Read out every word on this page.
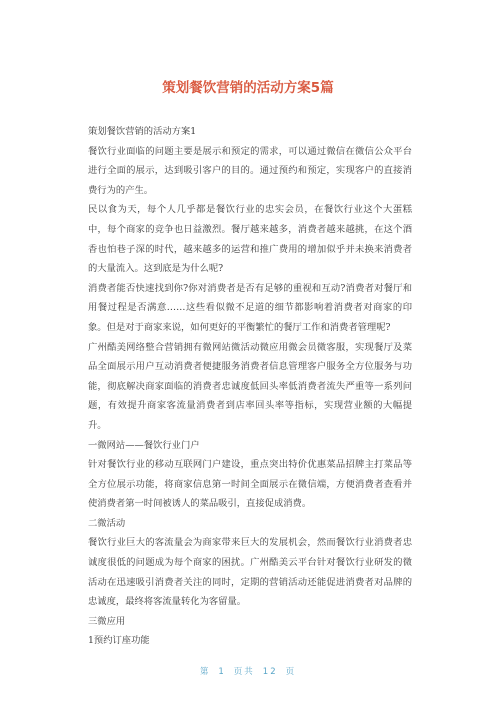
策划餐饮营销的活动方案5篇

策划餐饮营销的活动方案1

餐饮行业面临的问题主要是展示和预定的需求，可以通过微信在微信公众平台进行全面的展示，达到吸引客户的目的。通过预约和预定，实现客户的直接消费行为的产生。

民以食为天，每个人几乎都是餐饮行业的忠实会员，在餐饮行业这个大蛋糕中，每个商家的竞争也日益激烈。餐厅越来越多，消费者越来越挑，在这个酒香也怕巷子深的时代，越来越多的运营和推广费用的增加似乎并未换来消费者的大量流入。这到底是为什么呢?

消费者能否快速找到你?你对消费者是否有足够的重视和互动?消费者对餐厅和用餐过程是否满意……这些看似微不足道的细节都影响着消费者对商家的印象。但是对于商家来说，如何更好的平衡繁忙的餐厅工作和消费者管理呢?

广州酷美网络整合营销拥有微网站微活动微应用微会员微客服，实现餐厅及菜品全面展示用户互动消费者便捷服务消费者信息管理客户服务全方位服务与功能，彻底解决商家面临的消费者忠诚度低回头率低消费者流失严重等一系列问题，有效提升商家客流量消费者到店率回头率等指标，实现营业额的大幅提升。

一微网站——餐饮行业门户

针对餐饮行业的移动互联网门户建设，重点突出特价优惠菜品招牌主打菜品等全方位展示功能，将商家信息第一时间全面展示在微信端，方便消费者查看并使消费者第一时间被诱人的菜品吸引，直接促成消费。

二微活动

餐饮行业巨大的客流量会为商家带来巨大的发展机会，然而餐饮行业消费者忠诚度很低的问题成为每个商家的困扰。广州酷美云平台针对餐饮行业研发的微活动在迅速吸引消费者关注的同时，定期的营销活动还能促进消费者对品牌的忠诚度，最终将客流量转化为客留量。

三微应用

1预约订座功能

第 1 页共 12 页
